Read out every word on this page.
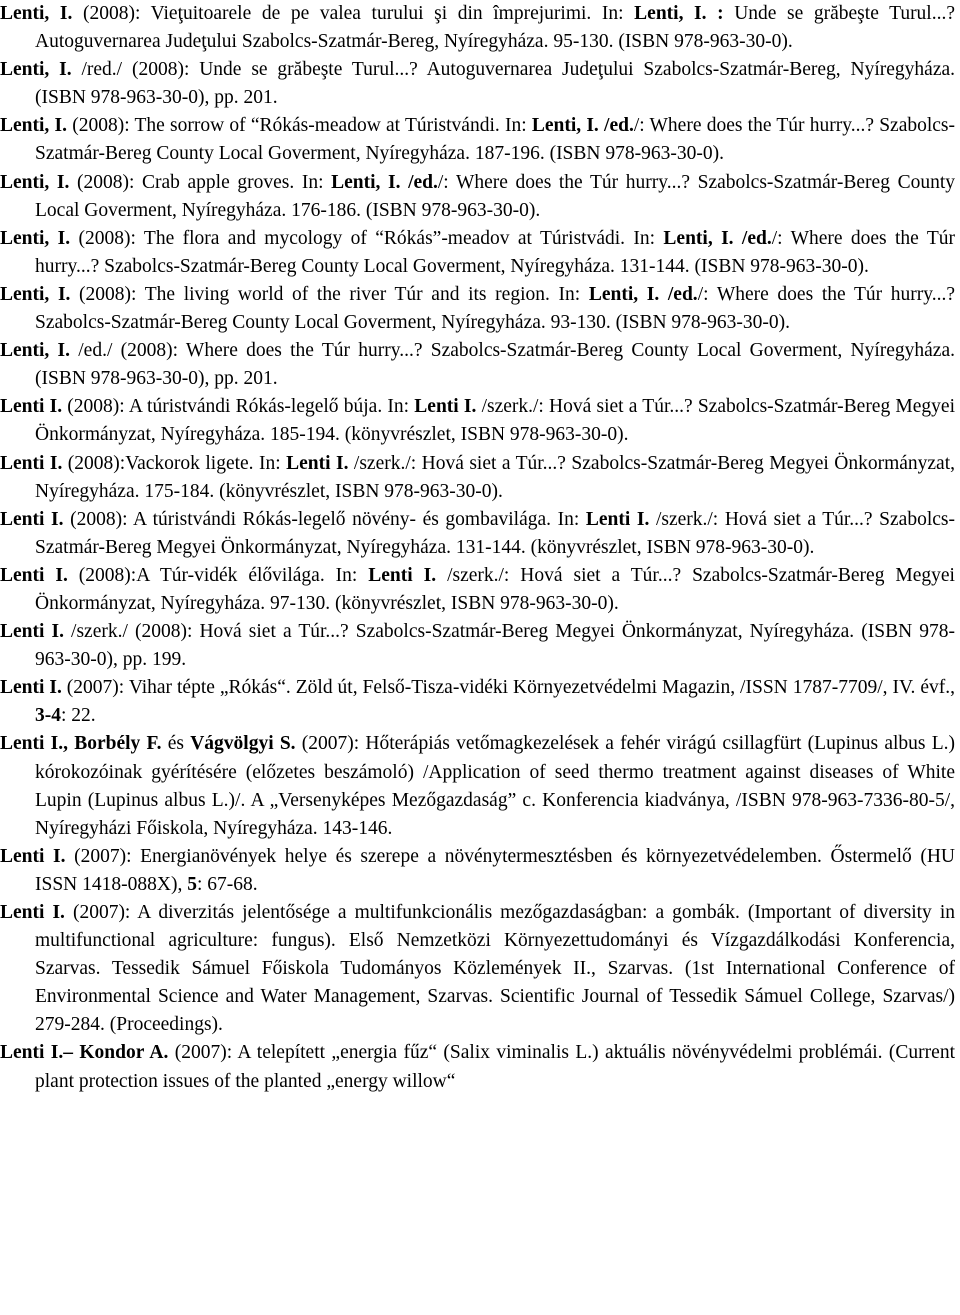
Lenti, I. (2008): Vieţuitoarele de pe valea turului şi din împrejurimi. In: Lenti, I. : Unde se grăbeşte Turul...? Autoguvernarea Judeţului Szabolcs-Szatmár-Bereg, Nyíregyháza. 95-130. (ISBN 978-963-30-0).

Lenti, I. /red./ (2008): Unde se grăbeşte Turul...? Autoguvernarea Judeţului Szabolcs-Szatmár-Bereg, Nyíregyháza. (ISBN 978-963-30-0), pp. 201.

Lenti, I. (2008): The sorrow of “Rókás-meadow at Túristvándi. In: Lenti, I. /ed./: Where does the Túr hurry...? Szabolcs-Szatmár-Bereg County Local Goverment, Nyíregyháza. 187-196. (ISBN 978-963-30-0).

Lenti, I. (2008): Crab apple groves. In: Lenti, I. /ed./: Where does the Túr hurry...? Szabolcs-Szatmár-Bereg County Local Goverment, Nyíregyháza. 176-186. (ISBN 978-963-30-0).

Lenti, I. (2008): The flora and mycology of “Rókás”-meadov at Túristvádi. In: Lenti, I. /ed./: Where does the Túr hurry...? Szabolcs-Szatmár-Bereg County Local Goverment, Nyíregyháza. 131-144. (ISBN 978-963-30-0).

Lenti, I. (2008): The living world of the river Túr and its region. In: Lenti, I. /ed./: Where does the Túr hurry...? Szabolcs-Szatmár-Bereg County Local Goverment, Nyíregyháza. 93-130. (ISBN 978-963-30-0).

Lenti, I. /ed./ (2008): Where does the Túr hurry...? Szabolcs-Szatmár-Bereg County Local Goverment, Nyíregyháza. (ISBN 978-963-30-0), pp. 201.

Lenti I. (2008): A túristvándi Rókás-legelő búja. In: Lenti I. /szerk./: Hová siet a Túr...? Szabolcs-Szatmár-Bereg Megyei Önkormányzat, Nyíregyháza. 185-194. (könyvrészlet, ISBN 978-963-30-0).

Lenti I. (2008):Vackorok ligete. In: Lenti I. /szerk./: Hová siet a Túr...? Szabolcs-Szatmár-Bereg Megyei Önkormányzat, Nyíregyháza. 175-184. (könyvrészlet, ISBN 978-963-30-0).

Lenti I. (2008): A túristvándi Rókás-legelő növény- és gombavilága. In: Lenti I. /szerk./: Hová siet a Túr...? Szabolcs-Szatmár-Bereg Megyei Önkormányzat, Nyíregyháza. 131-144. (könyvrészlet, ISBN 978-963-30-0).

Lenti I. (2008):A Túr-vidék élővilága. In: Lenti I. /szerk./: Hová siet a Túr...? Szabolcs-Szatmár-Bereg Megyei Önkormányzat, Nyíregyháza. 97-130. (könyvrészlet, ISBN 978-963-30-0).

Lenti I. /szerk./ (2008): Hová siet a Túr...? Szabolcs-Szatmár-Bereg Megyei Önkormányzat, Nyíregyháza. (ISBN 978-963-30-0), pp. 199.

Lenti I. (2007): Vihar tépte „Rókás“. Zöld út, Felső-Tisza-vidéki Környezetvédelmi Magazin, /ISSN 1787-7709/, IV. évf., 3-4: 22.

Lenti I., Borbély F. és Vágvölgyi S. (2007): Hőterápiás vetőmagkezelések a fehér virágú csillagfürt (Lupinus albus L.) kórokozóinak gyérítésére (előzetes beszámoló) /Application of seed thermo treatment against diseases of White Lupin (Lupinus albus L.)/. A „Versenyképes Mezőgazdaság” c. Konferencia kiadványa, /ISBN 978-963-7336-80-5/, Nyíregyházi Főiskola, Nyíregyháza. 143-146.

Lenti I. (2007): Energianövények helye és szerepe a növénytermesztésben és környezetvédelemben. Őstermelő (HU ISSN 1418-088X), 5: 67-68.

Lenti I. (2007): A diverzitás jelentősége a multifunkcionális mezőgazdaságban: a gombák. (Important of diversity in multifunctional agriculture: fungus). Első Nemzetközi Környezettudományi és Vízgazdálkodási Konferencia, Szarvas. Tessedik Sámuel Főiskola Tudományos Közlemények II., Szarvas. (1st International Conference of Environmental Science and Water Management, Szarvas. Scientific Journal of Tessedik Sámuel College, Szarvas/) 279-284. (Proceedings).

Lenti I.– Kondor A. (2007): A telepített „energia fűz“ (Salix viminalis L.) aktuális növényvédelmi problémái. (Current plant protection issues of the planted „energy willow“
